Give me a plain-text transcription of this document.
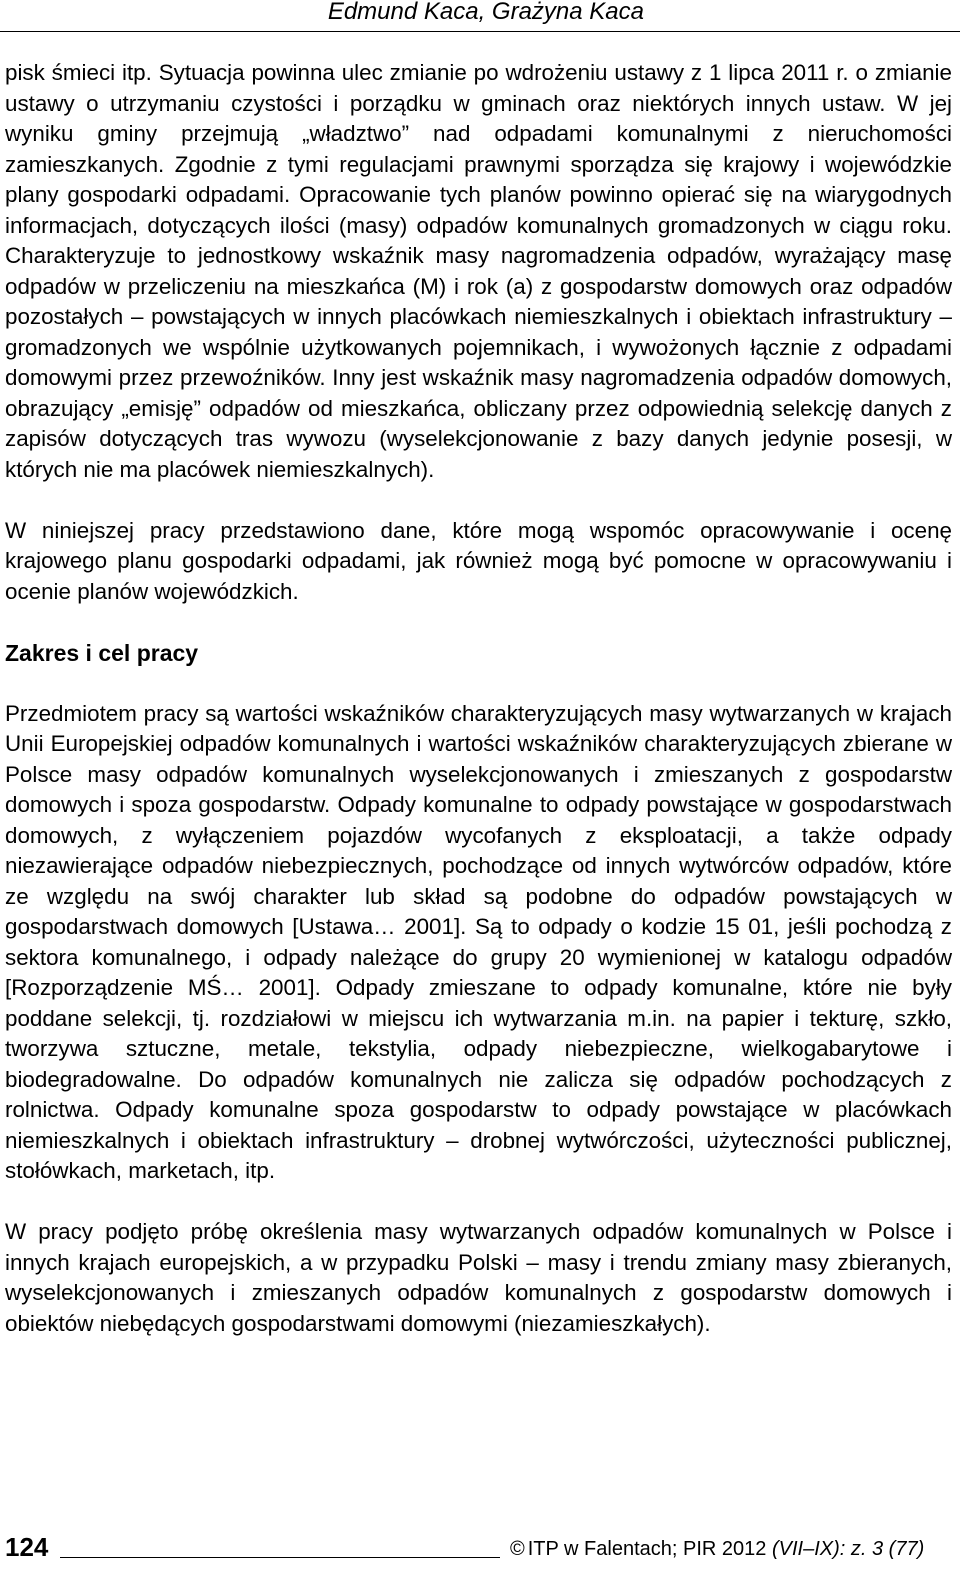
Edmund Kaca, Grażyna Kaca

pisk śmieci itp. Sytuacja powinna ulec zmianie po wdrożeniu ustawy z 1 lipca 2011 r. o zmianie ustawy o utrzymaniu czystości i porządku w gminach oraz niektórych innych ustaw. W jej wyniku gminy przejmują „władztwo” nad odpadami komunalnymi z nieruchomości zamieszkanych. Zgodnie z tymi regulacjami prawnymi sporządza się krajowy i wojewódzkie plany gospodarki odpadami. Opracowanie tych planów powinno opierać się na wiarygodnych informacjach, dotyczących ilości (masy) odpadów komunalnych gromadzonych w ciągu roku. Charakteryzuje to jednostkowy wskaźnik masy nagromadzenia odpadów, wyrażający masę odpadów w przeliczeniu na mieszkańca (M) i rok (a) z gospodarstw domowych oraz odpadów pozostałych – powstających w innych placówkach niemieszkalnych i obiektach infrastruktury – gromadzonych we wspólnie użytkowanych pojemnikach, i wywożonych łącznie z odpadami domowymi przez przewoźników. Inny jest wskaźnik masy nagromadzenia odpadów domowych, obrazujący „emisję” odpadów od mieszkańca, obliczany przez odpowiednią selekcję danych z zapisów dotyczących tras wywozu (wyselekcjonowanie z bazy danych jedynie posesji, w których nie ma placówek niemieszkalnych).

W niniejszej pracy przedstawiono dane, które mogą wspomóc opracowywanie i ocenę krajowego planu gospodarki odpadami, jak również mogą być pomocne w opracowywaniu i ocenie planów wojewódzkich.

Zakres i cel pracy

Przedmiotem pracy są wartości wskaźników charakteryzujących masy wytwarzanych w krajach Unii Europejskiej odpadów komunalnych i wartości wskaźników charakteryzujących zbierane w Polsce masy odpadów komunalnych wyselekcjonowanych i zmieszanych z gospodarstw domowych i spoza gospodarstw. Odpady komunalne to odpady powstające w gospodarstwach domowych, z wyłączeniem pojazdów wycofanych z eksploatacji, a także odpady niezawierające odpadów niebezpiecznych, pochodzące od innych wytwórców odpadów, które ze względu na swój charakter lub skład są podobne do odpadów powstających w gospodarstwach domowych [Ustawa… 2001]. Są to odpady o kodzie 15 01, jeśli pochodzą z sektora komunalnego, i odpady należące do grupy 20 wymienionej w katalogu odpadów [Rozporządzenie MŚ… 2001]. Odpady zmieszane to odpady komunalne, które nie były poddane selekcji, tj. rozdziałowi w miejscu ich wytwarzania m.in. na papier i tekturę, szkło, tworzywa sztuczne, metale, tekstylia, odpady niebezpieczne, wielkogabarytowe i biodegradowalne. Do odpadów komunalnych nie zalicza się odpadów pochodzących z rolnictwa. Odpady komunalne spoza gospodarstw to odpady powstające w placówkach niemieszkalnych i obiektach infrastruktury – drobnej wytwórczości, użyteczności publicznej, stołówkach, marketach, itp.

W pracy podjęto próbę określenia masy wytwarzanych odpadów komunalnych w Polsce i innych krajach europejskich, a w przypadku Polski – masy i trendu zmiany masy zbieranych, wyselekcjonowanych i zmieszanych odpadów komunalnych z gospodarstw domowych i obiektów niebędących gospodarstwami domowymi (niezamieszkałych).

124	© ITP w Falentach; PIR 2012 (VII–IX): z. 3 (77)
